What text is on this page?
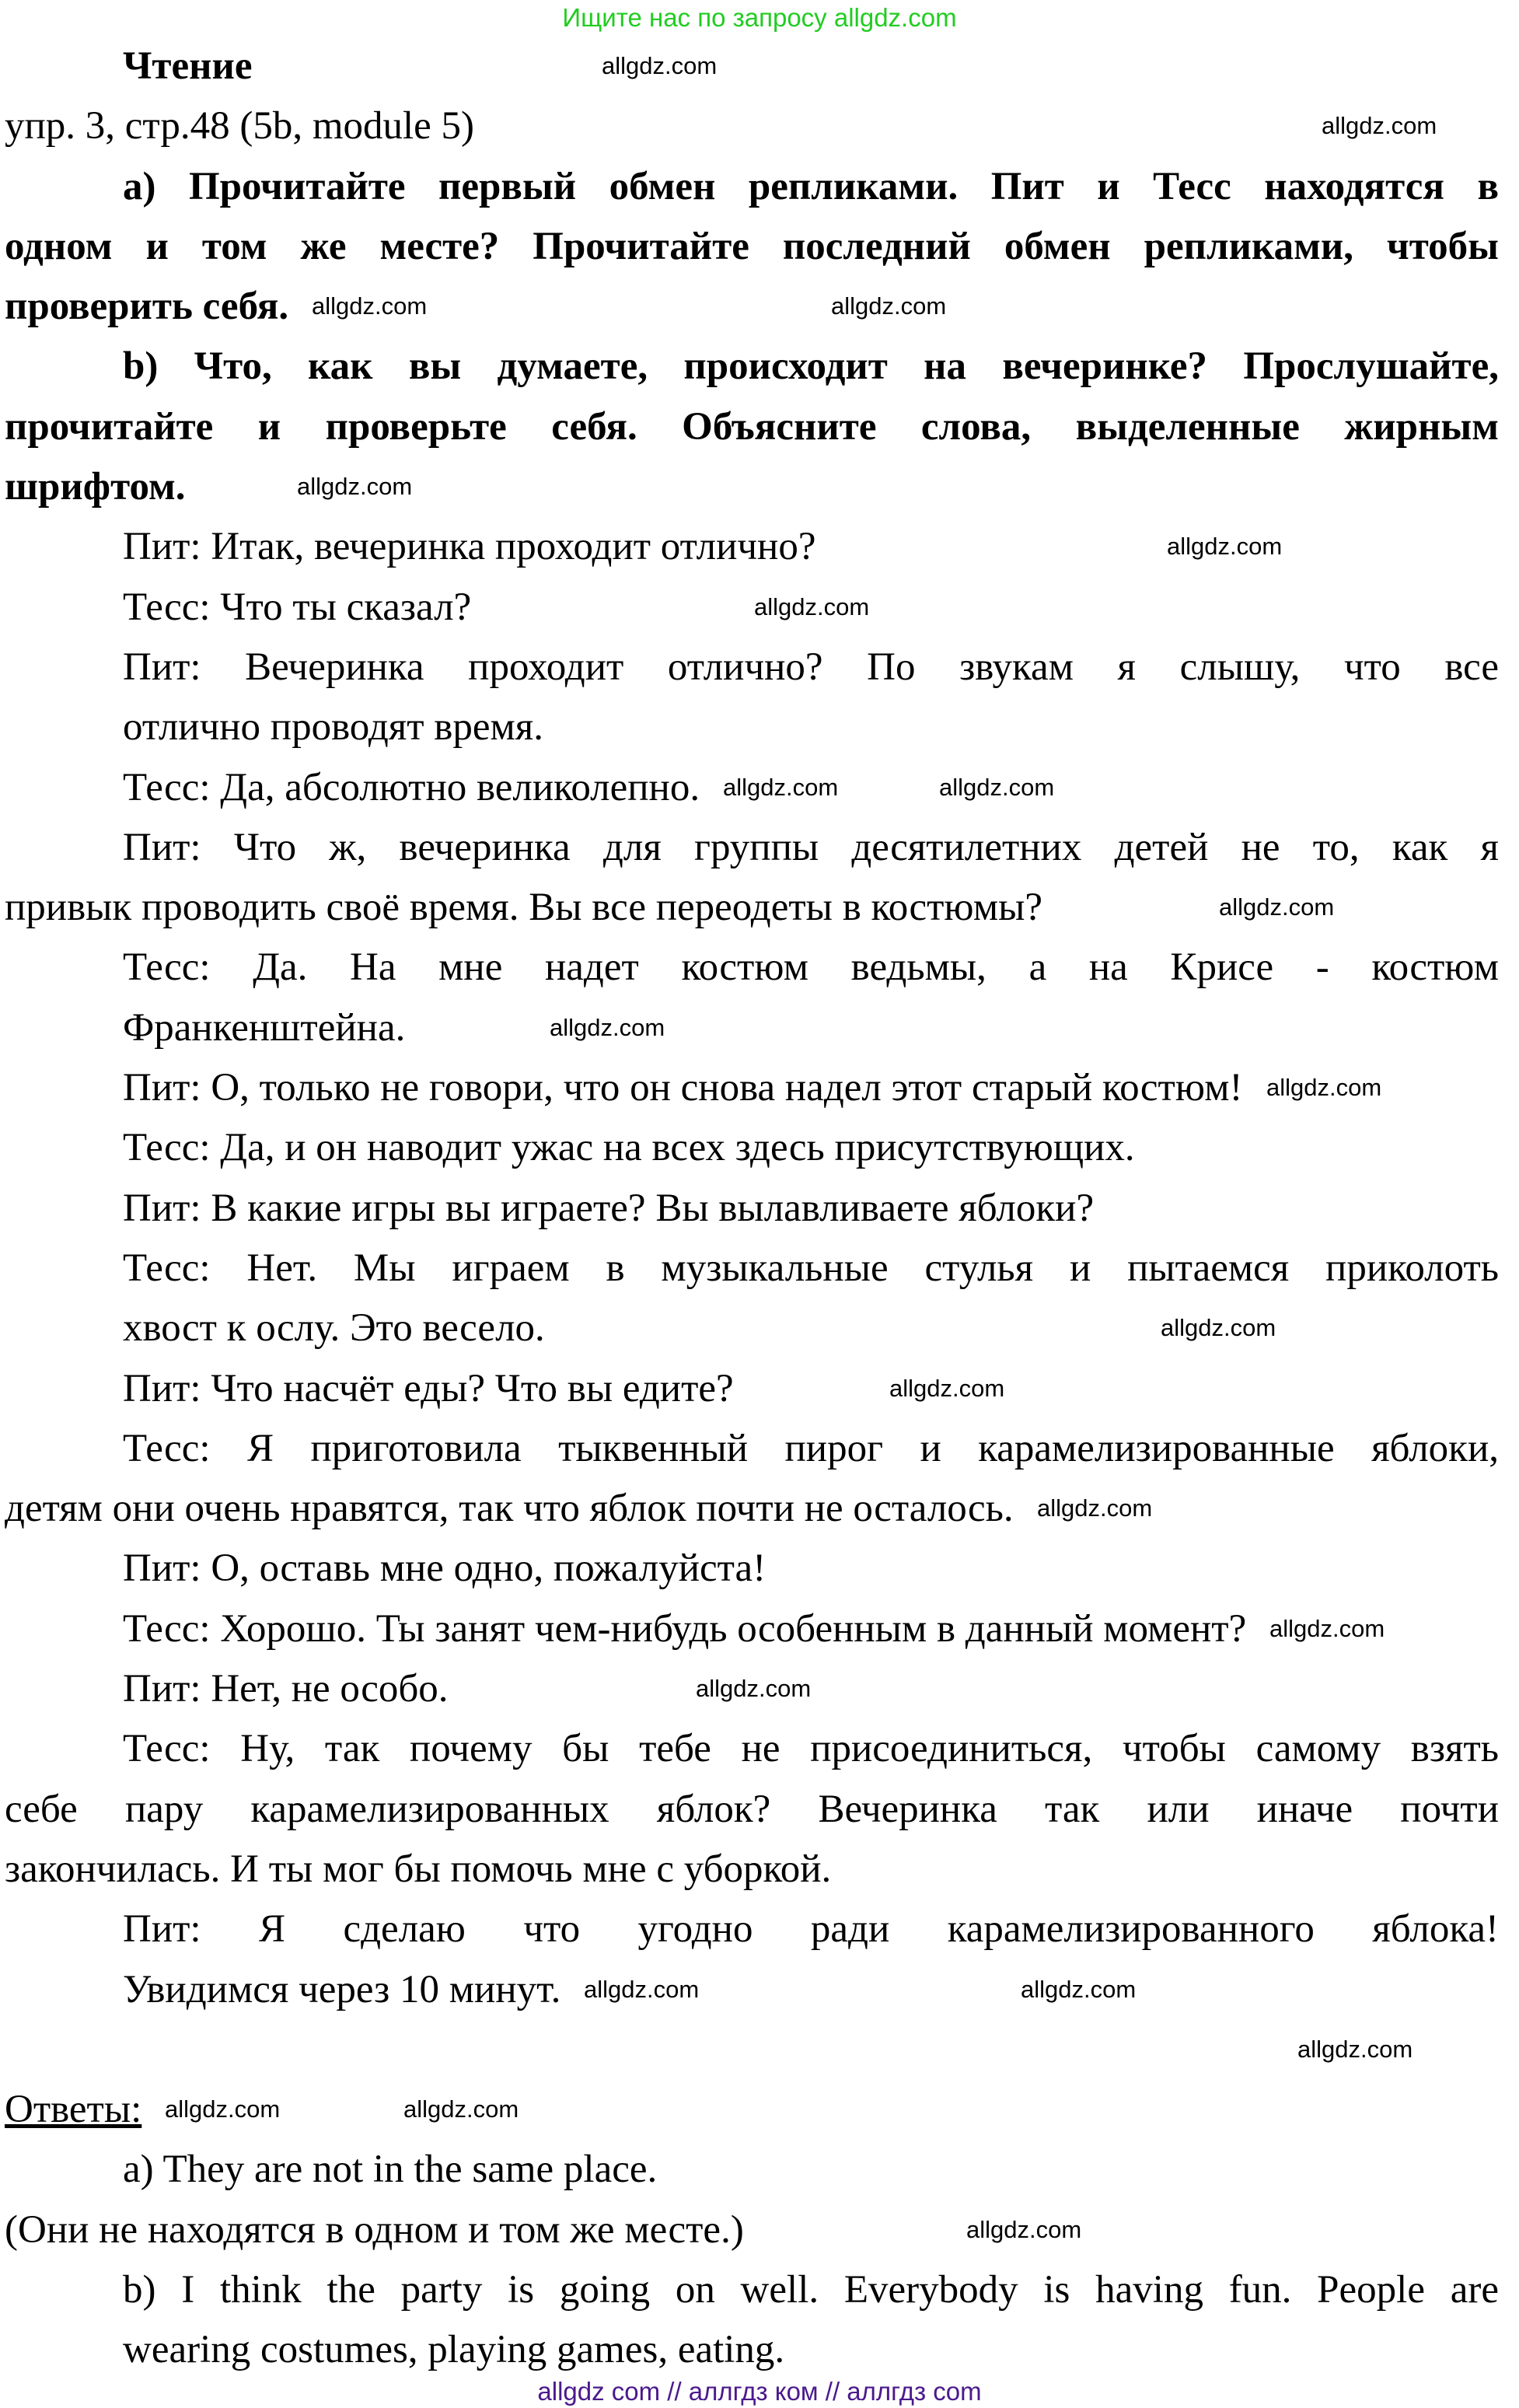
Ищите нас по запросу allgdz.com
Чтение	allgdz.com
упр. 3, стр.48 (5b, module 5)	allgdz.com
a) Прочитайте первый обмен репликами. Пит и Тесс находятся в
одном и том же месте? Прочитайте последний обмен репликами, чтобы
проверить себя. allgdz.com	allgdz.com
b) Что, как вы думаете, происходит на вечеринке? Прослушайте,
прочитайте и проверьте себя. Объясните слова, выделенные жирным
шрифтом.	allgdz.com
Пит: Итак, вечеринка проходит отлично?	allgdz.com
Тесс: Что ты сказал?	allgdz.com
Пит: Вечеринка проходит отлично? По звукам я слышу, что все
отлично проводят время.
Тесс: Да, абсолютно великолепно. allgdz.com	allgdz.com
Пит: Что ж, вечеринка для группы десятилетних детей не то, как я
привык проводить своё время. Вы все переодеты в костюмы?	allgdz.com
Тесс: Да. На мне надет костюм ведьмы, а на Крисе - костюм
Франкенштейна.	allgdz.com
Пит: О, только не говори, что он снова надел этот старый костюм! allgdz.com
Тесс: Да, и он наводит ужас на всех здесь присутствующих.
Пит: В какие игры вы играете? Вы вылавливаете яблоки?
Тесс: Нет. Мы играем в музыкальные стулья и пытаемся приколоть
хвост к ослу. Это весело.	allgdz.com
Пит: Что насчёт еды? Что вы едите?	allgdz.com
Тесс: Я приготовила тыквенный пирог и карамелизированные яблоки,
детям они очень нравятся, так что яблок почти не осталось. allgdz.com
Пит: О, оставь мне одно, пожалуйста!
Тесс: Хорошо. Ты занят чем-нибудь особенным в данный момент? allgdz.com
Пит: Нет, не особо.	allgdz.com
Тесс: Ну, так почему бы тебе не присоединиться, чтобы самому взять
себе пару карамелизированных яблок? Вечеринка так или иначе почти
закончилась. И ты мог бы помочь мне с уборкой.
Пит: Я сделаю что угодно ради карамелизированного яблока!
Увидимся через 10 минут. allgdz.com	allgdz.com
allgdz.com
Ответы: allgdz.com	allgdz.com
a) They are not in the same place.
(Они не находятся в одном и том же месте.)	allgdz.com
b) I think the party is going on well. Everybody is having fun. People are
wearing costumes, playing games, eating.
allgdz com // аллгдз ком // аллгдз com
